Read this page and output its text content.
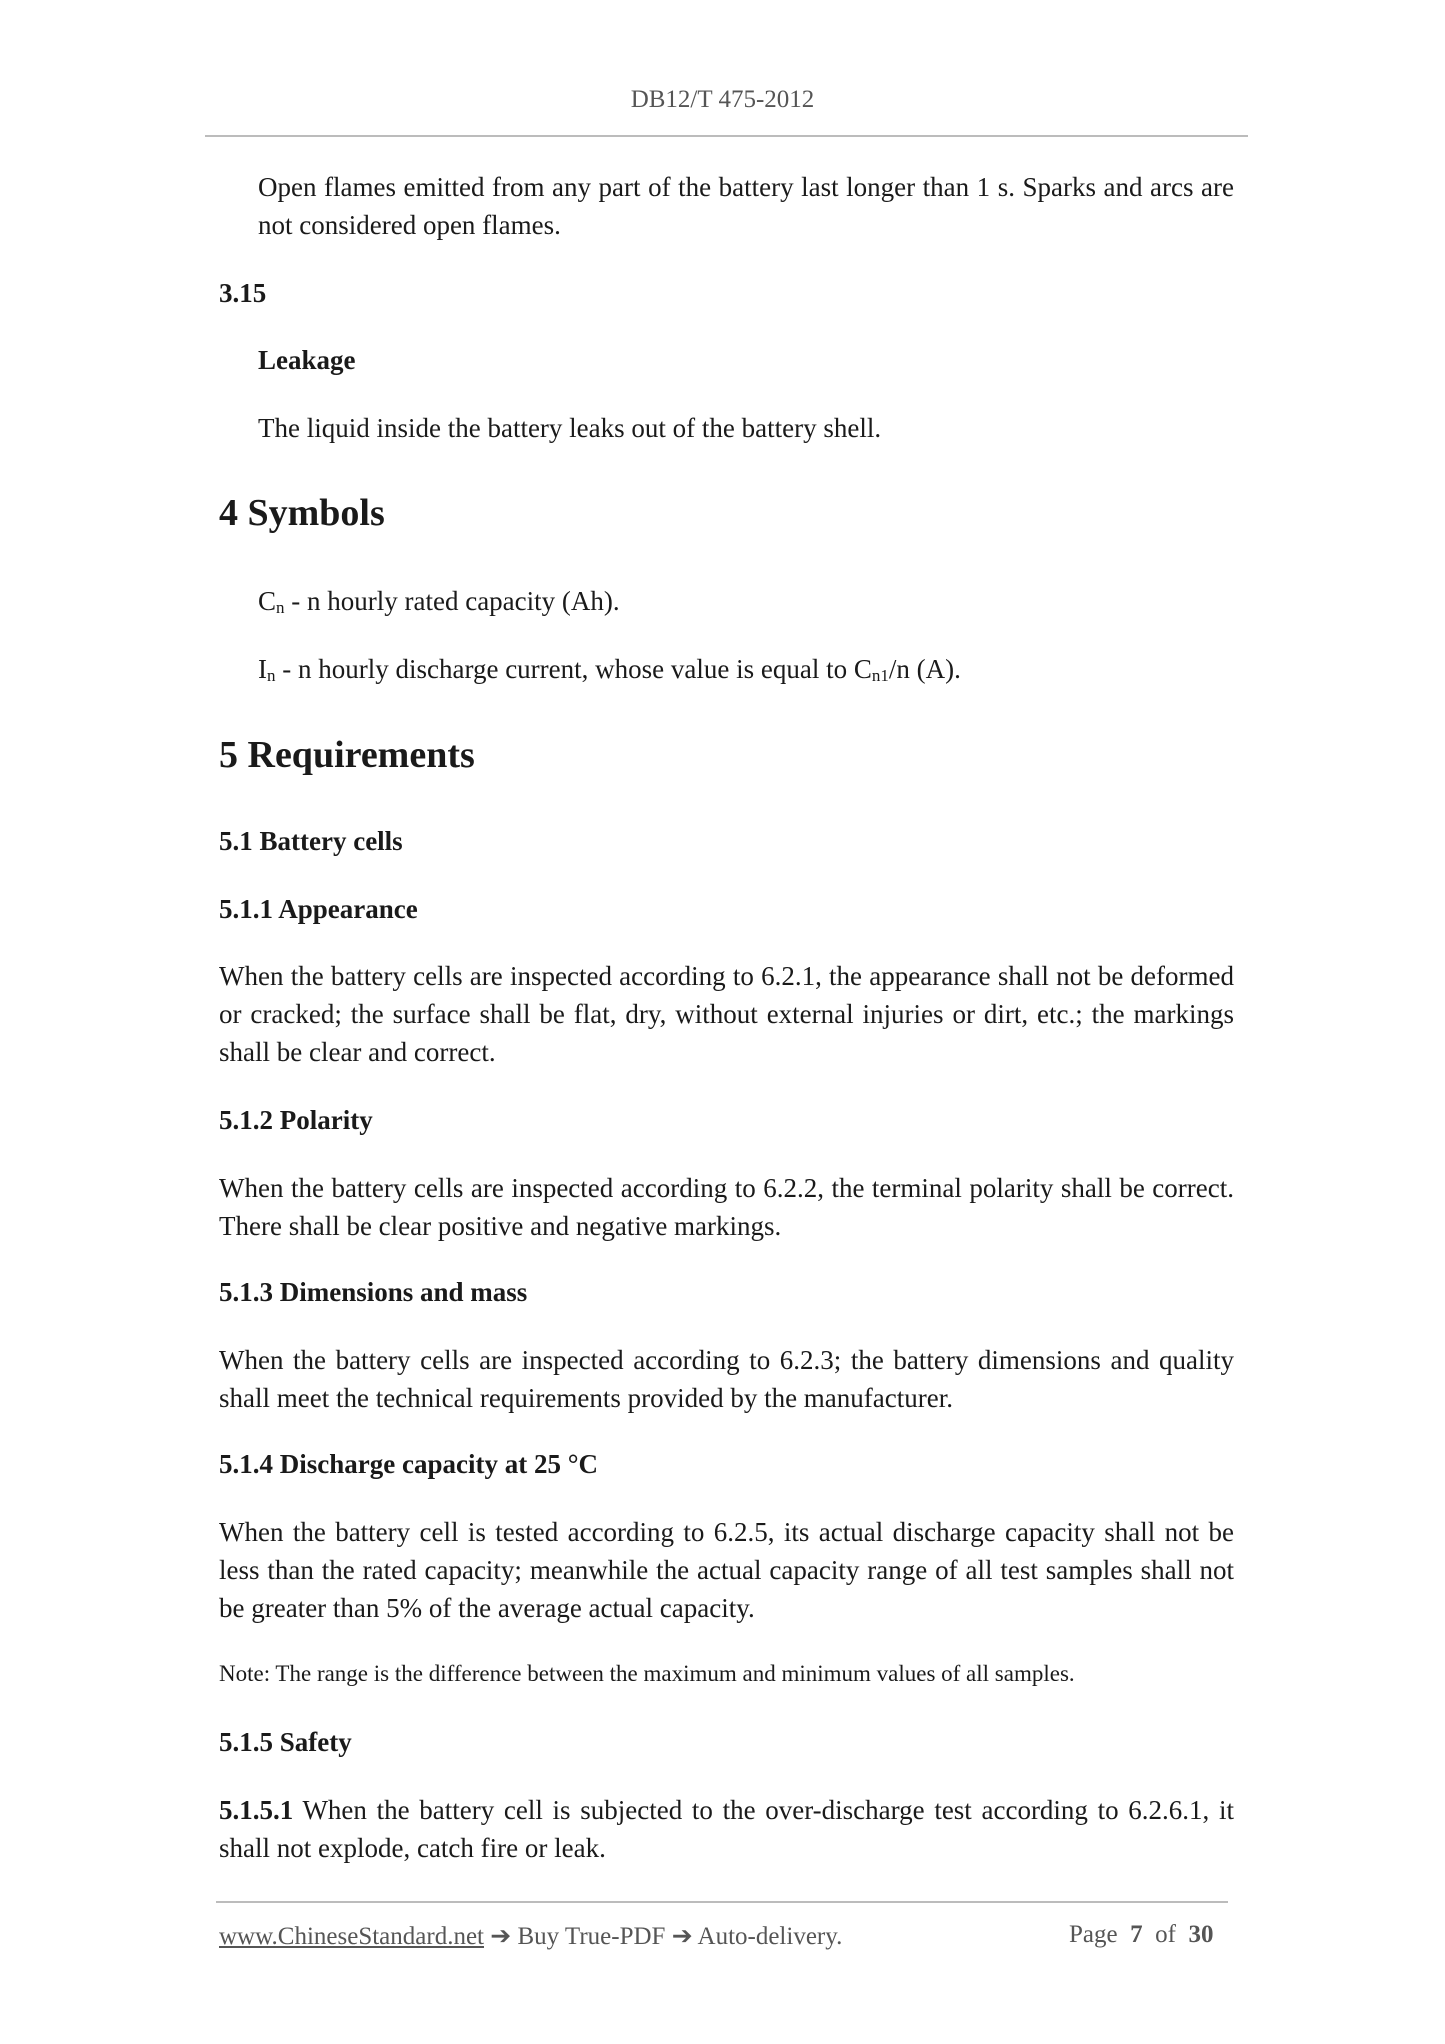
DB12/T 475-2012
Open flames emitted from any part of the battery last longer than 1 s. Sparks and arcs are not considered open flames.
3.15
Leakage
The liquid inside the battery leaks out of the battery shell.
4 Symbols
$C_n$ - n hourly rated capacity (Ah).
$I_n$ - n hourly discharge current, whose value is equal to $C_{n1}/n$ (A).
5 Requirements
5.1 Battery cells
5.1.1 Appearance
When the battery cells are inspected according to 6.2.1, the appearance shall not be deformed or cracked; the surface shall be flat, dry, without external injuries or dirt, etc.; the markings shall be clear and correct.
5.1.2 Polarity
When the battery cells are inspected according to 6.2.2, the terminal polarity shall be correct. There shall be clear positive and negative markings.
5.1.3 Dimensions and mass
When the battery cells are inspected according to 6.2.3; the battery dimensions and quality shall meet the technical requirements provided by the manufacturer.
5.1.4 Discharge capacity at 25 °C
When the battery cell is tested according to 6.2.5, its actual discharge capacity shall not be less than the rated capacity; meanwhile the actual capacity range of all test samples shall not be greater than 5% of the average actual capacity.
Note: The range is the difference between the maximum and minimum values of all samples.
5.1.5 Safety
5.1.5.1 When the battery cell is subjected to the over-discharge test according to 6.2.6.1, it shall not explode, catch fire or leak.
www.ChineseStandard.net ➔ Buy True-PDF ➔ Auto-delivery.	Page 7 of 30
